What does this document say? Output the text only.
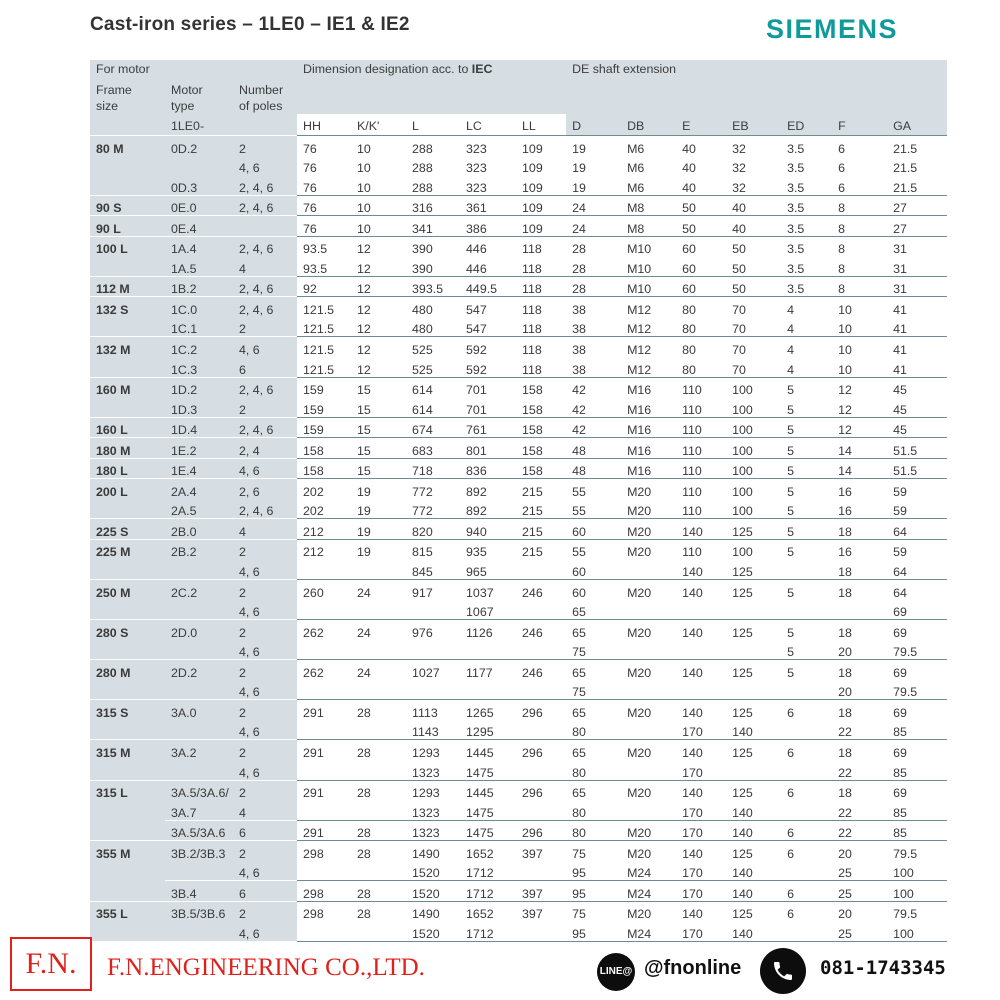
Cast-iron series – 1LE0 – IE1 & IE2	SIEMENS
For motor			Dimension designation acc. to IEC					DE shaft extension						

Frame size	Motor type	Number of poles												

	1LE0-		HH	K/K'	L	LC	LL	D	DB	E	EB	ED	F	GA
80 M	0D.2	2	76	10	288	323	109	19	M6	40	32	3.5	6	21.5
		4, 6	76	10	288	323	109	19	M6	40	32	3.5	6	21.5
	0D.3	2, 4, 6	76	10	288	323	109	19	M6	40	32	3.5	6	21.5
90 S	0E.0	2, 4, 6	76	10	316	361	109	24	M8	50	40	3.5	8	27
90 L	0E.4		76	10	341	386	109	24	M8	50	40	3.5	8	27
100 L	1A.4	2, 4, 6	93.5	12	390	446	118	28	M10	60	50	3.5	8	31
	1A.5	4	93.5	12	390	446	118	28	M10	60	50	3.5	8	31
112 M	1B.2	2, 4, 6	92	12	393.5	449.5	118	28	M10	60	50	3.5	8	31
132 S	1C.0	2, 4, 6	121.5	12	480	547	118	38	M12	80	70	4	10	41
	1C.1	2	121.5	12	480	547	118	38	M12	80	70	4	10	41
132 M	1C.2	4, 6	121.5	12	525	592	118	38	M12	80	70	4	10	41
	1C.3	6	121.5	12	525	592	118	38	M12	80	70	4	10	41
160 M	1D.2	2, 4, 6	159	15	614	701	158	42	M16	110	100	5	12	45
	1D.3	2	159	15	614	701	158	42	M16	110	100	5	12	45
160 L	1D.4	2, 4, 6	159	15	674	761	158	42	M16	110	100	5	12	45
180 M	1E.2	2, 4	158	15	683	801	158	48	M16	110	100	5	14	51.5
180 L	1E.4	4, 6	158	15	718	836	158	48	M16	110	100	5	14	51.5
200 L	2A.4	2, 6	202	19	772	892	215	55	M20	110	100	5	16	59
	2A.5	2, 4, 6	202	19	772	892	215	55	M20	110	100	5	16	59
225 S	2B.0	4	212	19	820	940	215	60	M20	140	125	5	18	64
225 M	2B.2	2	212	19	815	935	215	55	M20	110	100	5	16	59
		4, 6			845	965		60		140	125		18	64
250 M	2C.2	2	260	24	917	1037	246	60	M20	140	125	5	18	64
		4, 6				1067		65						69
280 S	2D.0	2	262	24	976	1126	246	65	M20	140	125	5	18	69
		4, 6						75				5	20	79.5
280 M	2D.2	2	262	24	1027	1177	246	65	M20	140	125	5	18	69
		4, 6						75					20	79.5
315 S	3A.0	2	291	28	1113	1265	296	65	M20	140	125	6	18	69
		4, 6			1143	1295		80		170	140		22	85
315 M	3A.2	2	291	28	1293	1445	296	65	M20	140	125	6	18	69
		4, 6			1323	1475		80		170			22	85
315 L	3A.5/3A.6/	2	291	28	1293	1445	296	65	M20	140	125	6	18	69
	3A.7	4			1323	1475		80		170	140		22	85
	3A.5/3A.6	6	291	28	1323	1475	296	80	M20	170	140	6	22	85
355 M	3B.2/3B.3	2	298	28	1490	1652	397	75	M20	140	125	6	20	79.5
		4, 6			1520	1712		95	M24	170	140		25	100
	3B.4	6	298	28	1520	1712	397	95	M24	170	140	6	25	100
355 L	3B.5/3B.6	2	298	28	1490	1652	397	75	M20	140	125	6	20	79.5
		4, 6			1520	1712		95	M24	170	140		25	100
F.N.	F.N.ENGINEERING CO.,LTD.	LINE@ @fnonline	081-1743345
